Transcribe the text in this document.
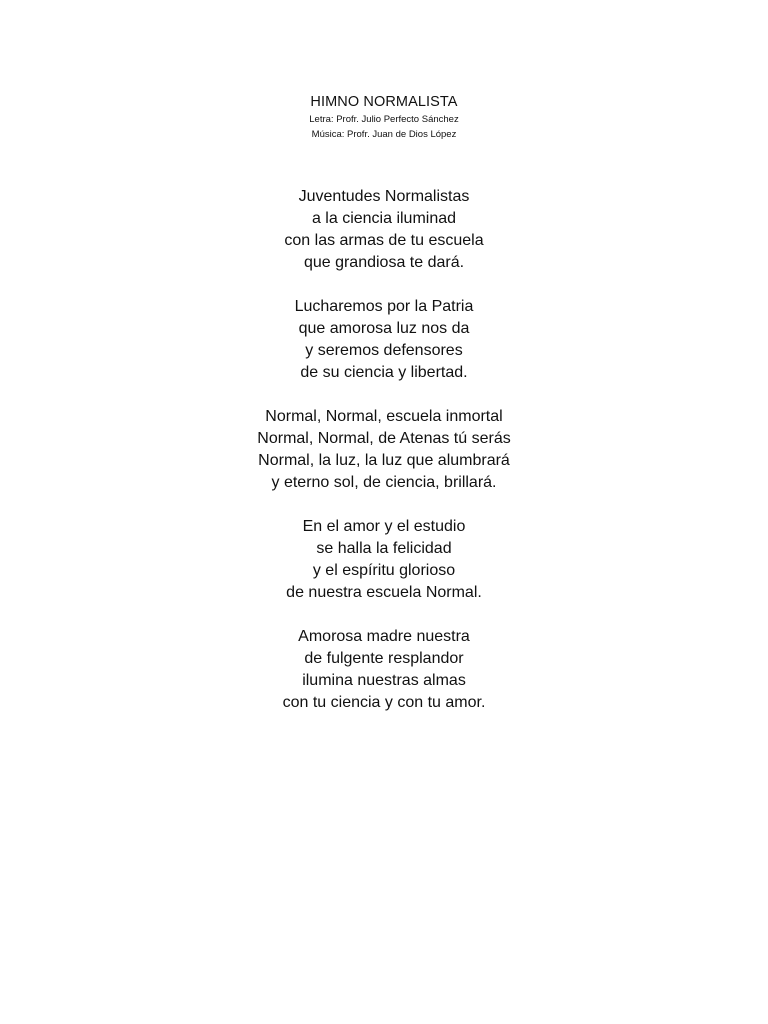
HIMNO NORMALISTA

Letra: Profr. Julio Perfecto Sánchez

Música: Profr. Juan de Dios López

Juventudes Normalistas
a la ciencia iluminad
con las armas de tu escuela
que grandiosa te dará.
Lucharemos por la Patria
que amorosa luz nos da
y seremos defensores
de su ciencia y libertad.
Normal, Normal, escuela inmortal
Normal, Normal, de Atenas tú serás
Normal, la luz, la luz que alumbrará
y eterno sol, de ciencia, brillará.
En el amor y el estudio
se halla la felicidad
y el espíritu glorioso
de nuestra escuela Normal.
Amorosa madre nuestra
de fulgente resplandor
ilumina nuestras almas
con tu ciencia y con tu amor.
